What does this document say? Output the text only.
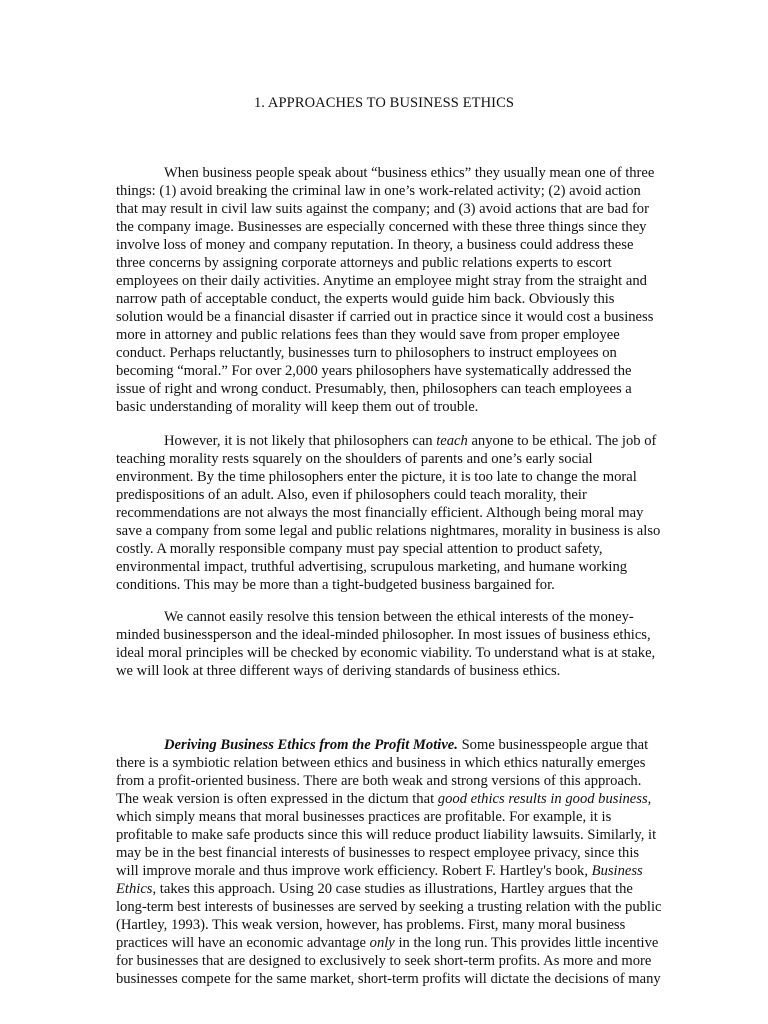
1. APPROACHES TO BUSINESS ETHICS
When business people speak about “business ethics” they usually mean one of three
things: (1) avoid breaking the criminal law in one’s work-related activity; (2) avoid action
that may result in civil law suits against the company; and (3) avoid actions that are bad for
the company image. Businesses are especially concerned with these three things since they
involve loss of money and company reputation. In theory, a business could address these
three concerns by assigning corporate attorneys and public relations experts to escort
employees on their daily activities. Anytime an employee might stray from the straight and
narrow path of acceptable conduct, the experts would guide him back. Obviously this
solution would be a financial disaster if carried out in practice since it would cost a business
more in attorney and public relations fees than they would save from proper employee
conduct. Perhaps reluctantly, businesses turn to philosophers to instruct employees on
becoming “moral.” For over 2,000 years philosophers have systematically addressed the
issue of right and wrong conduct. Presumably, then, philosophers can teach employees a
basic understanding of morality will keep them out of trouble.
However, it is not likely that philosophers can teach anyone to be ethical. The job of
teaching morality rests squarely on the shoulders of parents and one’s early social
environment. By the time philosophers enter the picture, it is too late to change the moral
predispositions of an adult. Also, even if philosophers could teach morality, their
recommendations are not always the most financially efficient. Although being moral may
save a company from some legal and public relations nightmares, morality in business is also
costly. A morally responsible company must pay special attention to product safety,
environmental impact, truthful advertising, scrupulous marketing, and humane working
conditions. This may be more than a tight-budgeted business bargained for.
We cannot easily resolve this tension between the ethical interests of the money-
minded businessperson and the ideal-minded philosopher. In most issues of business ethics,
ideal moral principles will be checked by economic viability. To understand what is at stake,
we will look at three different ways of deriving standards of business ethics.
Deriving Business Ethics from the Profit Motive. Some businesspeople argue that
there is a symbiotic relation between ethics and business in which ethics naturally emerges
from a profit-oriented business. There are both weak and strong versions of this approach.
The weak version is often expressed in the dictum that good ethics results in good business,
which simply means that moral businesses practices are profitable. For example, it is
profitable to make safe products since this will reduce product liability lawsuits. Similarly, it
may be in the best financial interests of businesses to respect employee privacy, since this
will improve morale and thus improve work efficiency. Robert F. Hartley's book, Business
Ethics, takes this approach. Using 20 case studies as illustrations, Hartley argues that the
long-term best interests of businesses are served by seeking a trusting relation with the public
(Hartley, 1993). This weak version, however, has problems. First, many moral business
practices will have an economic advantage only in the long run. This provides little incentive
for businesses that are designed to exclusively to seek short-term profits. As more and more
businesses compete for the same market, short-term profits will dictate the decisions of many
